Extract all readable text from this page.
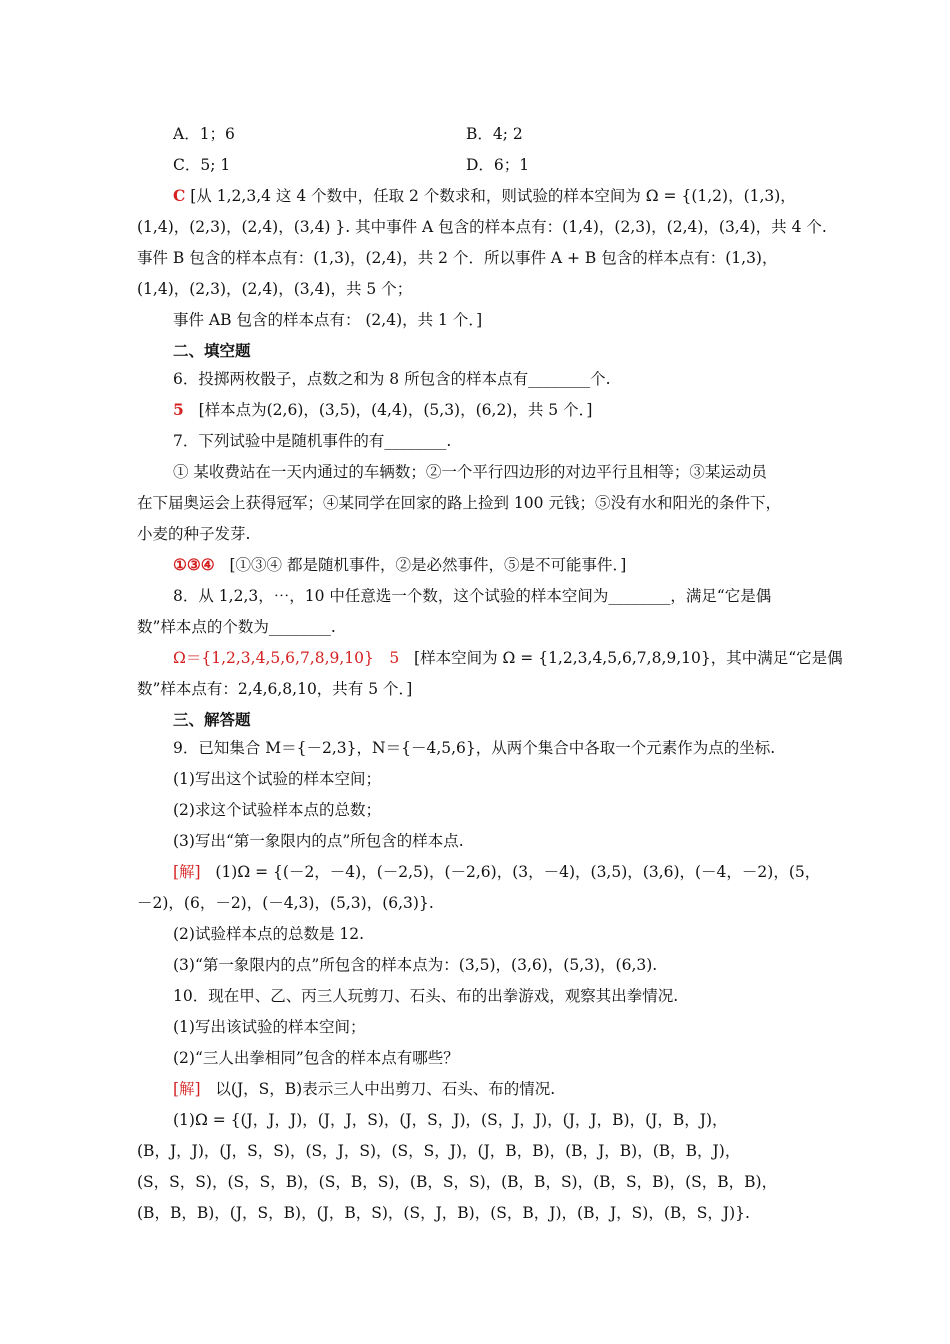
A．1；6	B．4; 2
C．5; 1	D．6；1
C [从 1,2,3,4 这 4 个数中，任取 2 个数求和，则试验的样本空间为 Ω = {(1,2)，(1,3)，
(1,4)，(2,3)，(2,4)，(3,4) }. 其中事件 A 包含的样本点有：(1,4)，(2,3)，(2,4)，(3,4)，共 4 个.
事件 B 包含的样本点有：(1,3)，(2,4)，共 2 个．所以事件 A + B 包含的样本点有：(1,3)，
(1,4)，(2,3)，(2,4)，(3,4)，共 5 个；
事件 AB 包含的样本点有： (2,4)，共 1 个．]
二、填空题
6．投掷两枚骰子，点数之和为 8 所包含的样本点有________个.
5 [样本点为(2,6)，(3,5)，(4,4)，(5,3)，(6,2)，共 5 个．]
7．下列试验中是随机事件的有________.
① 某收费站在一天内通过的车辆数；②一个平行四边形的对边平行且相等；③某运动员
在下届奥运会上获得冠军；④某同学在回家的路上捡到 100 元钱；⑤没有水和阳光的条件下，
小麦的种子发芽.
①③④ [①③④ 都是随机事件，②是必然事件，⑤是不可能事件．]
8．从 1,2,3，⋯，10 中任意选一个数，这个试验的样本空间为________，满足“它是偶
数”样本点的个数为________.
Ω＝{1,2,3,4,5,6,7,8,9,10}　5 [样本空间为 Ω = {1,2,3,4,5,6,7,8,9,10}，其中满足“它是偶
数”样本点有：2,4,6,8,10，共有 5 个．]
三、解答题
9．已知集合 M＝{－2,3}，N＝{－4,5,6}，从两个集合中各取一个元素作为点的坐标.
(1)写出这个试验的样本空间；
(2)求这个试验样本点的总数；
(3)写出“第一象限内的点”所包含的样本点.
[解] (1)Ω = {(－2，－4)，(－2,5)，(－2,6)，(3，－4)，(3,5)，(3,6)，(－4，－2)，(5，
－2)，(6，－2)，(－4,3)，(5,3)，(6,3)}.
(2)试验样本点的总数是 12.
(3)“第一象限内的点”所包含的样本点为：(3,5)，(3,6)，(5,3)，(6,3).
10．现在甲、乙、丙三人玩剪刀、石头、布的出拳游戏，观察其出拳情况.
(1)写出该试验的样本空间；
(2)“三人出拳相同”包含的样本点有哪些？
[解] 以(J，S，B)表示三人中出剪刀、石头、布的情况.
(1)Ω = {(J，J，J)，(J，J，S)，(J，S，J)，(S，J，J)，(J，J，B)，(J，B，J)，
(B，J，J)，(J，S，S)，(S，J，S)，(S，S，J)，(J，B，B)，(B，J，B)，(B，B，J)，
(S，S，S)，(S，S，B)，(S，B，S)，(B，S，S)，(B，B，S)，(B，S，B)，(S，B，B)，
(B，B，B)，(J，S，B)，(J，B，S)，(S，J，B)，(S，B，J)，(B，J，S)，(B，S，J)}.
